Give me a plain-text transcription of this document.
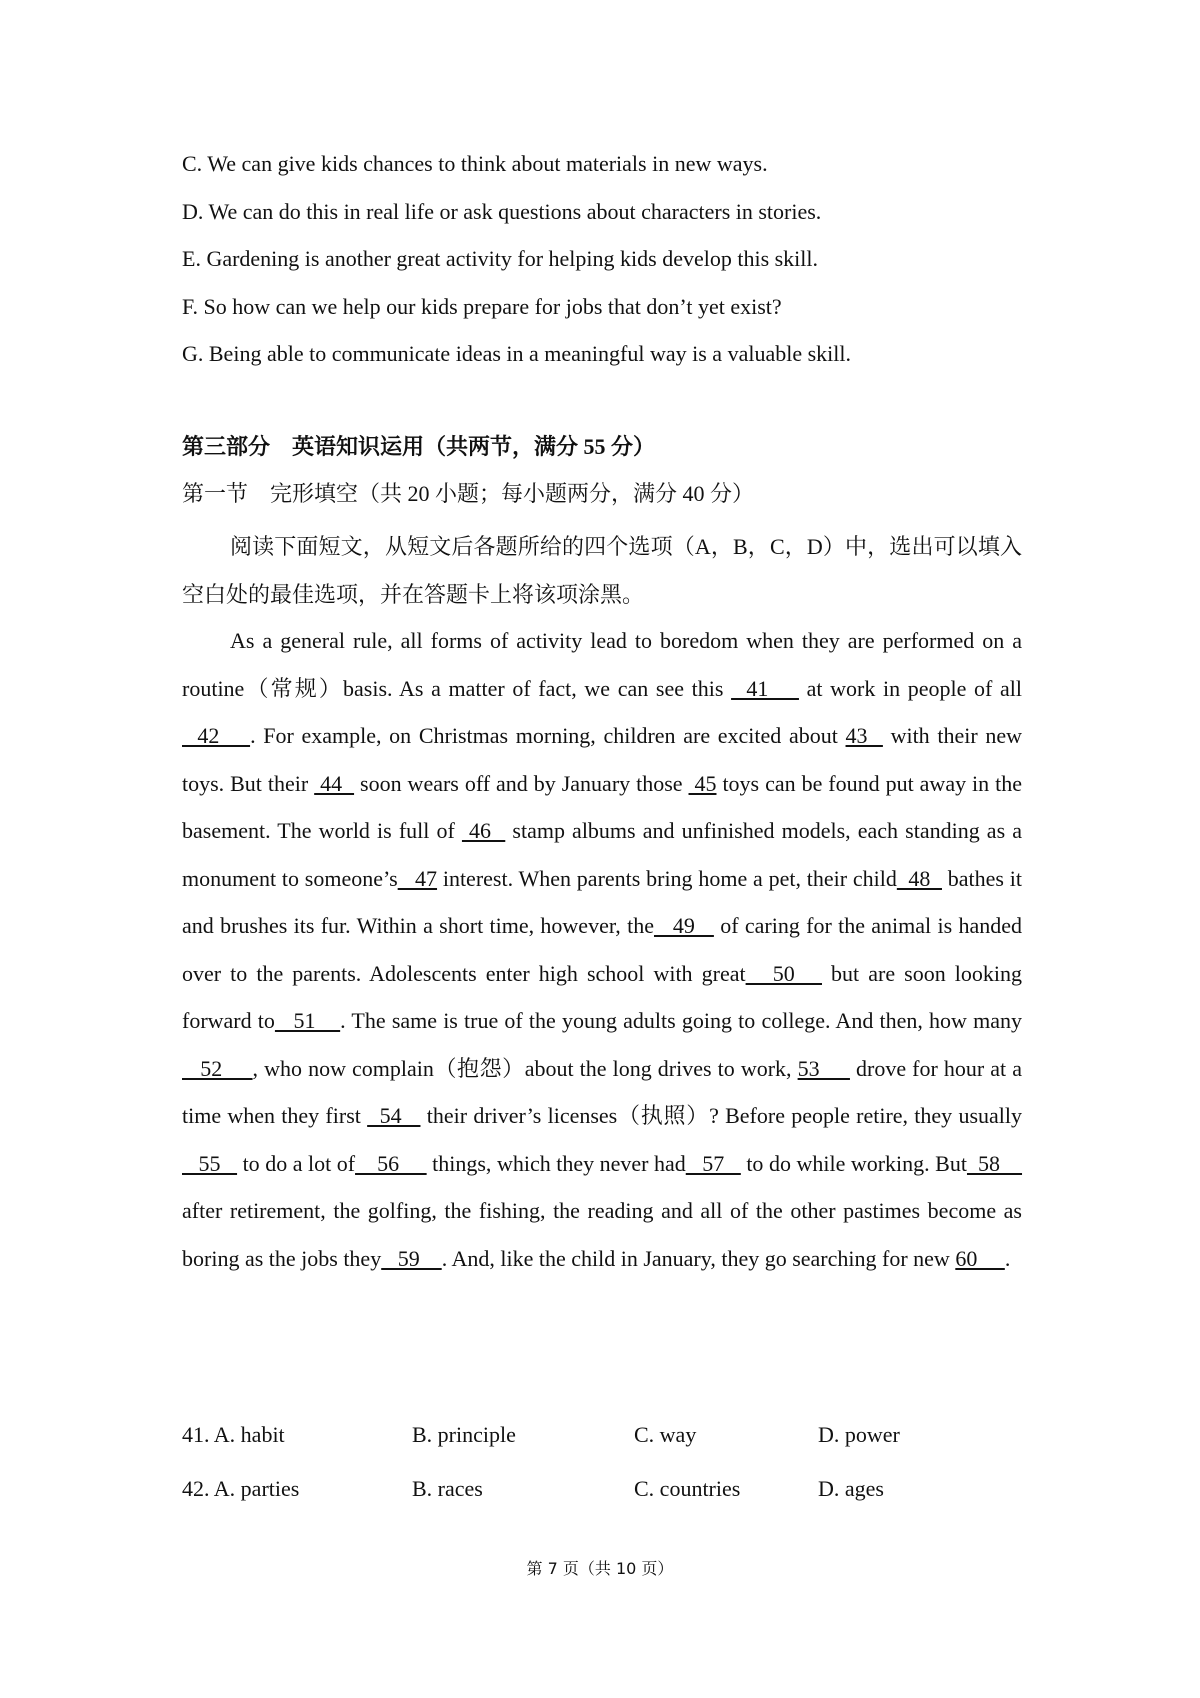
C. We can give kids chances to think about materials in new ways.

D. We can do this in real life or ask questions about characters in stories.

E. Gardening is another great activity for helping kids develop this skill.

F. So how can we help our kids prepare for jobs that don’t yet exist?

G. Being able to communicate ideas in a meaningful way is a valuable skill.

第三部分　英语知识运用（共两节，满分 55 分）
第一节　完形填空（共 20 小题；每小题两分，满分 40 分）

阅读下面短文，从短文后各题所给的四个选项（A，B，C，D）中，选出可以填入空白处的最佳选项，并在答题卡上将该项涂黑。

As a general rule, all forms of activity lead to boredom when they are performed on a routine（常规）basis. As a matter of fact, we can see this   41     at work in people of all  42    . For example, on Christmas morning, children are excited about 43   with their new toys. But their  44   soon wears off and by January those  45 toys can be found put away in the basement. The world is full of  46   stamp albums and unfinished models, each standing as a monument to someone’s   47 interest. When parents bring home a pet, their child  48   bathes it and brushes its fur. Within a short time, however, the   49    of caring for the animal is handed over to the parents. Adolescents enter high school with great   50    but are soon looking forward to   51    . The same is true of the young adults going to college. And then, how many   52     , who now complain（抱怨）about the long drives to work, 53      drove for hour at a time when they first   54    their driver’s licenses（执照）? Before people retire, they usually   55    to do a lot of    56      things, which they never had   57    to do while working. But  58     after retirement, the golfing, the fishing, the reading and all of the other pastimes become as boring as the jobs they   59    . And, like the child in January, they go searching for new 60     .

41. A. habit	B. principle	C. way	D. power
42. A. parties	B. races	C. countries	D. ages
第 7 页（共 10 页）
